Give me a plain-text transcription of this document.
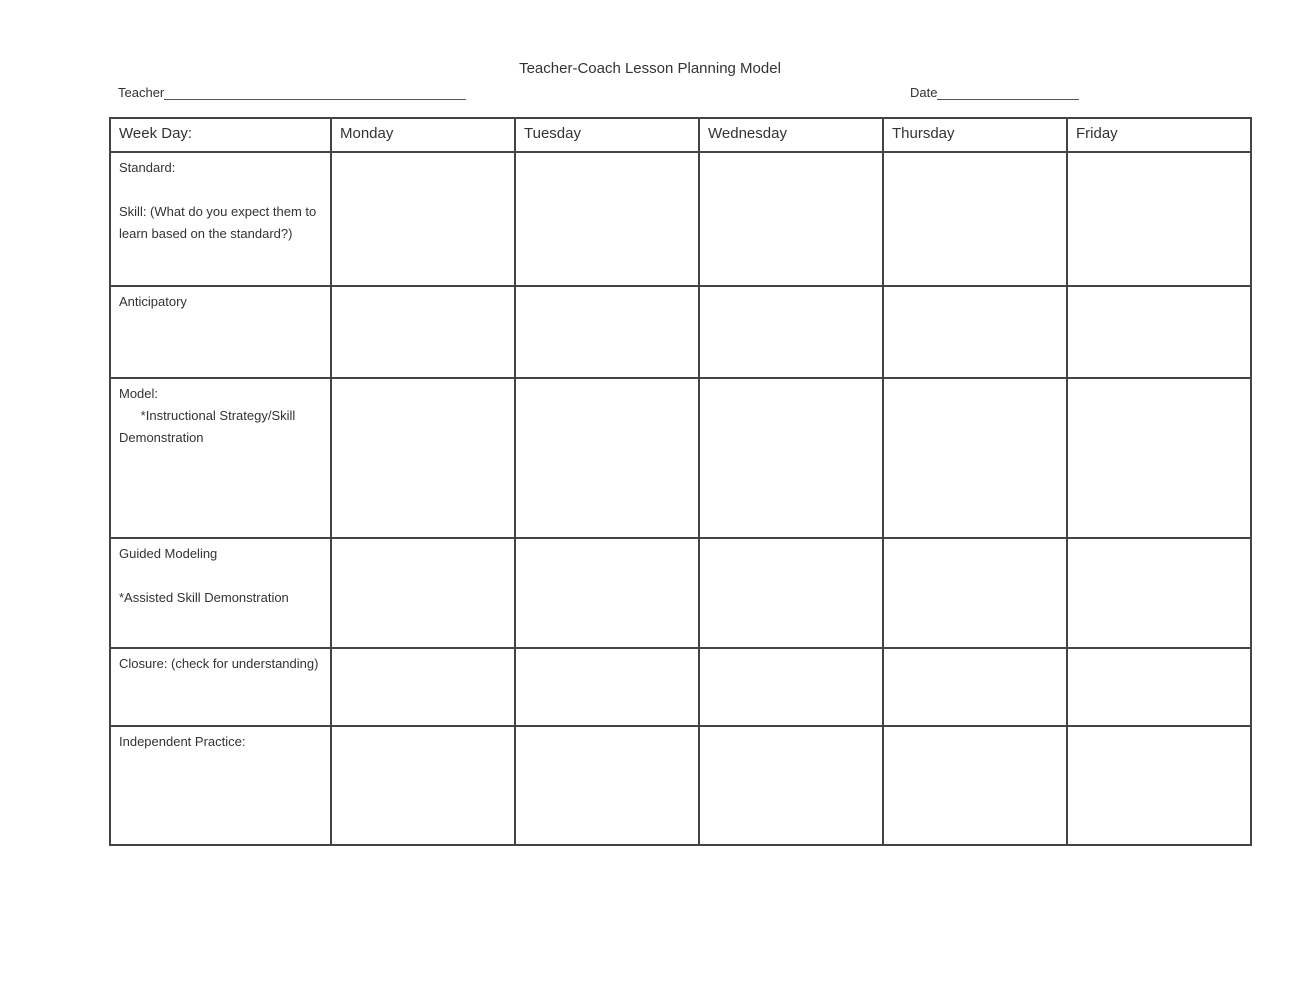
Teacher-Coach Lesson Planning Model
Teacher	Date
Week Day:	Monday	Tuesday	Wednesday	Thursday	Friday

Standard:
Skill: (What do you expect them to learn based on the standard?)					

Anticipatory					

Model:
*Instructional Strategy/Skill Demonstration					

Guided Modeling
*Assisted Skill Demonstration					

Closure: (check for understanding)					

Independent Practice:					
